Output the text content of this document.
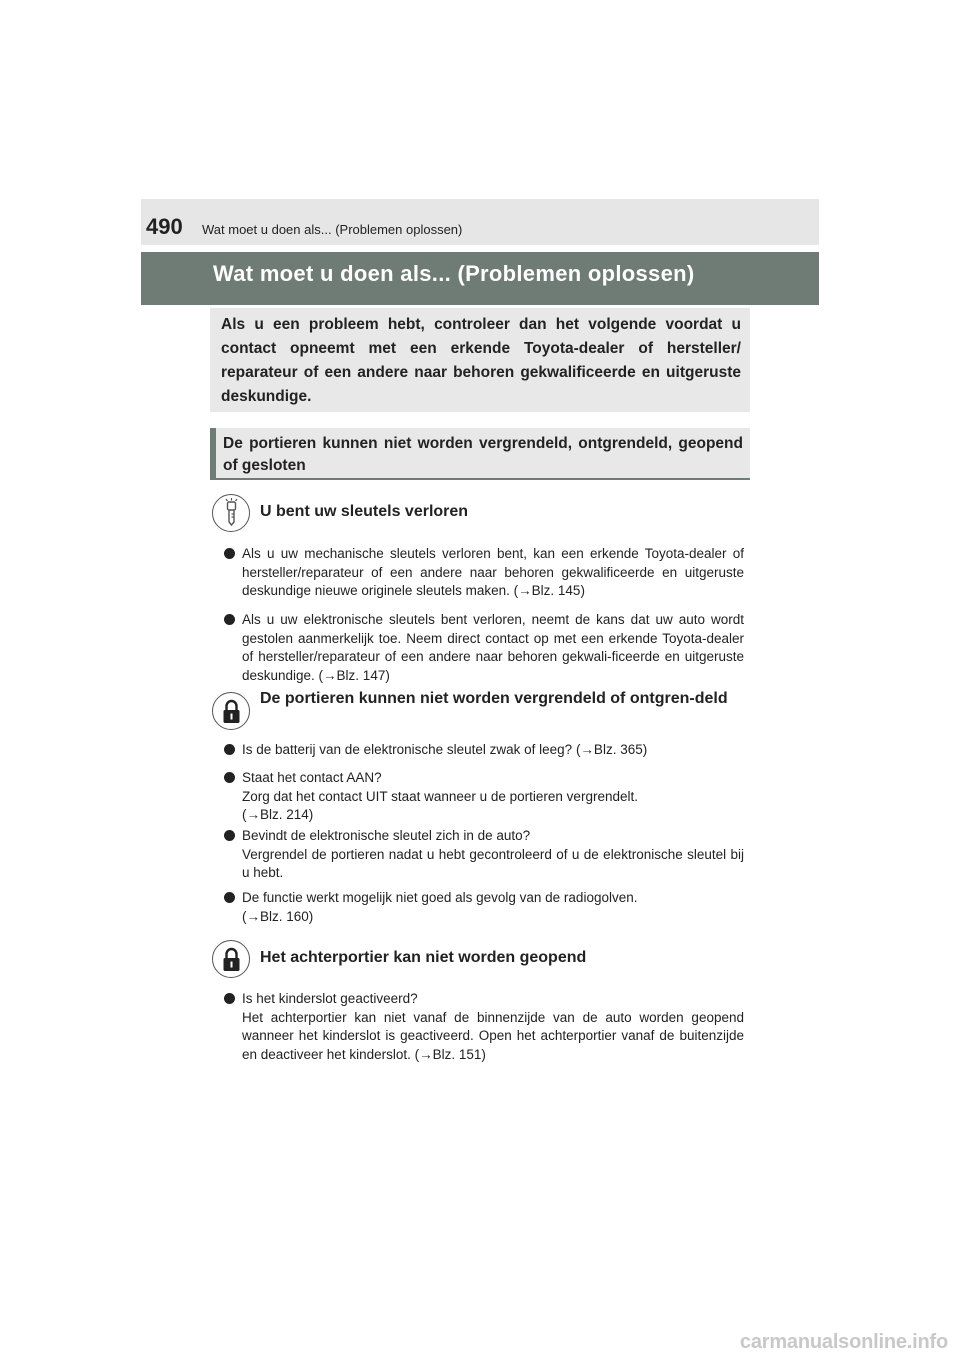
490 Wat moet u doen als... (Problemen oplossen)
Wat moet u doen als... (Problemen oplossen)
Als u een probleem hebt, controleer dan het volgende voordat u contact opneemt met een erkende Toyota-dealer of hersteller/ reparateur of een andere naar behoren gekwalificeerde en uitgeruste deskundige.
De portieren kunnen niet worden vergrendeld, ontgrendeld, geopend of gesloten
U bent uw sleutels verloren
Als u uw mechanische sleutels verloren bent, kan een erkende Toyota-dealer of hersteller/reparateur of een andere naar behoren gekwalificeerde en uitgeruste deskundige nieuwe originele sleutels maken. (→Blz. 145)
Als u uw elektronische sleutels bent verloren, neemt de kans dat uw auto wordt gestolen aanmerkelijk toe. Neem direct contact op met een erkende Toyota-dealer of hersteller/reparateur of een andere naar behoren gekwali-ficeerde en uitgeruste deskundige. (→Blz. 147)
De portieren kunnen niet worden vergrendeld of ontgren-deld
Is de batterij van de elektronische sleutel zwak of leeg? (→Blz. 365)
Staat het contact AAN?
Zorg dat het contact UIT staat wanneer u de portieren vergrendelt.
(→Blz. 214)
Bevindt de elektronische sleutel zich in de auto?
Vergrendel de portieren nadat u hebt gecontroleerd of u de elektronische sleutel bij u hebt.
De functie werkt mogelijk niet goed als gevolg van de radiogolven.
(→Blz. 160)
Het achterportier kan niet worden geopend
Is het kinderslot geactiveerd?
Het achterportier kan niet vanaf de binnenzijde van de auto worden geopend wanneer het kinderslot is geactiveerd. Open het achterportier vanaf de buitenzijde en deactiveer het kinderslot. (→Blz. 151)
carmanualsonline.info
